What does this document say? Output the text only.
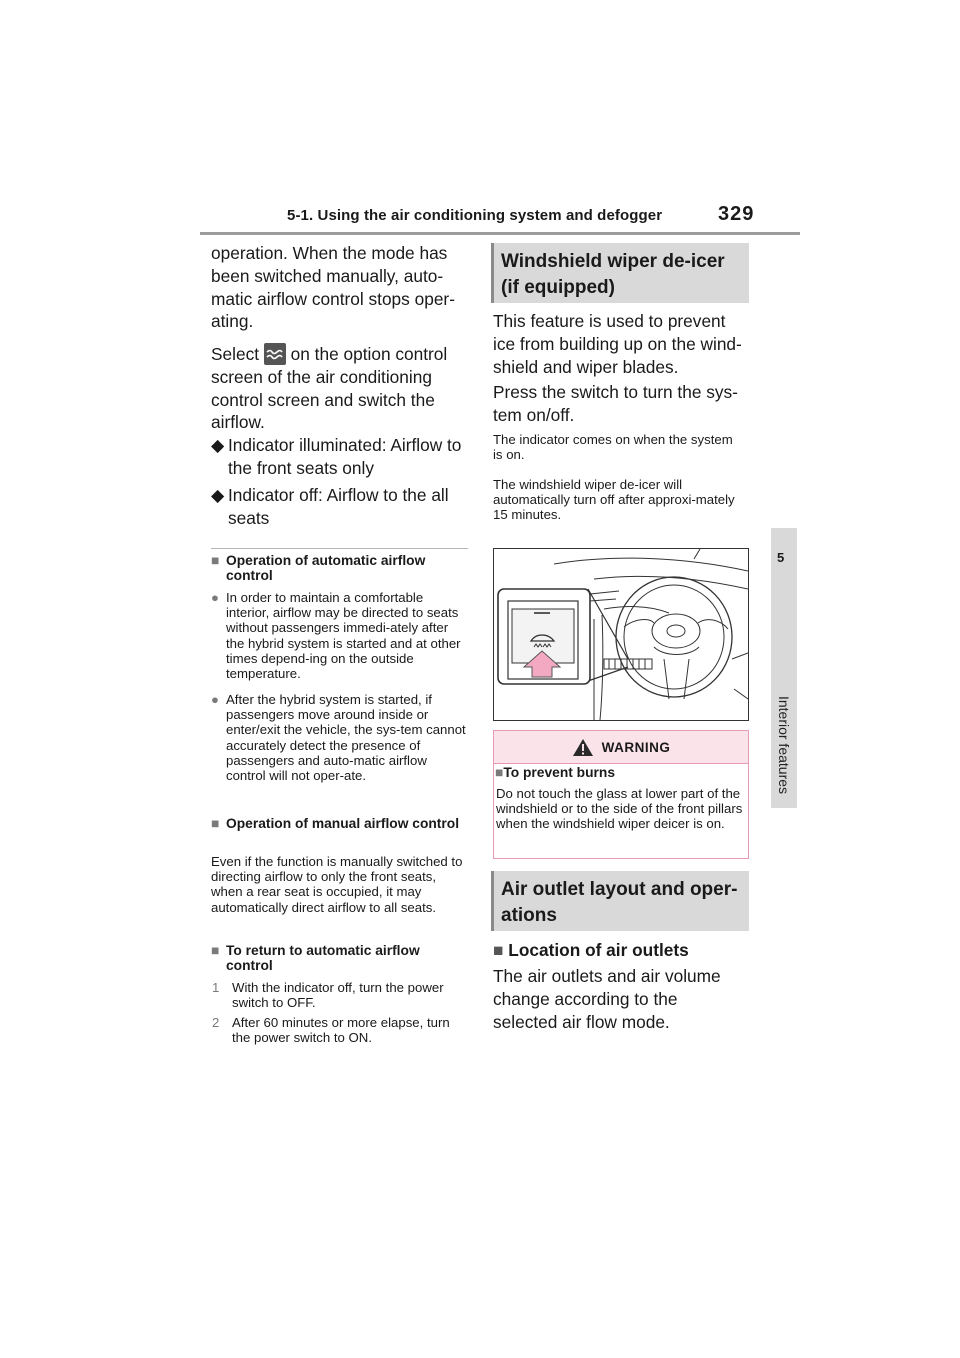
5-1. Using the air conditioning system and defogger	329
5
Interior features

operation. When the mode has been switched manually, auto-matic airflow control stops oper-ating.

Select  on the option control screen of the air conditioning control screen and switch the airflow.

◆ Indicator illuminated: Airflow to the front seats only
◆ Indicator off: Airflow to the all seats
■ Operation of automatic airflow control
● In order to maintain a comfortable interior, airflow may be directed to seats without passengers immedi-ately after the hybrid system is started and at other times depend-ing on the outside temperature.
● After the hybrid system is started, if passengers move around inside or enter/exit the vehicle, the sys-tem cannot accurately detect the presence of passengers and auto-matic airflow control will not oper-ate.
■ Operation of manual airflow control
Even if the function is manually switched to directing airflow to only the front seats, when a rear seat is occupied, it may automatically direct airflow to all seats.
■ To return to automatic airflow control
1 With the indicator off, turn the power switch to OFF.
2 After 60 minutes or more elapse, turn the power switch to ON.
Windshield wiper de-icer (if equipped)

This feature is used to prevent ice from building up on the wind-shield and wiper blades.

Press the switch to turn the sys-tem on/off.

The indicator comes on when the system is on.

The windshield wiper de-icer will automatically turn off after approxi-mately 15 minutes.

WARNING
■To prevent burns
Do not touch the glass at lower part of the windshield or to the side of the front pillars when the windshield wiper deicer is on.
Air outlet layout and oper-ations
■ Location of air outlets

The air outlets and air volume change according to the selected air flow mode.
